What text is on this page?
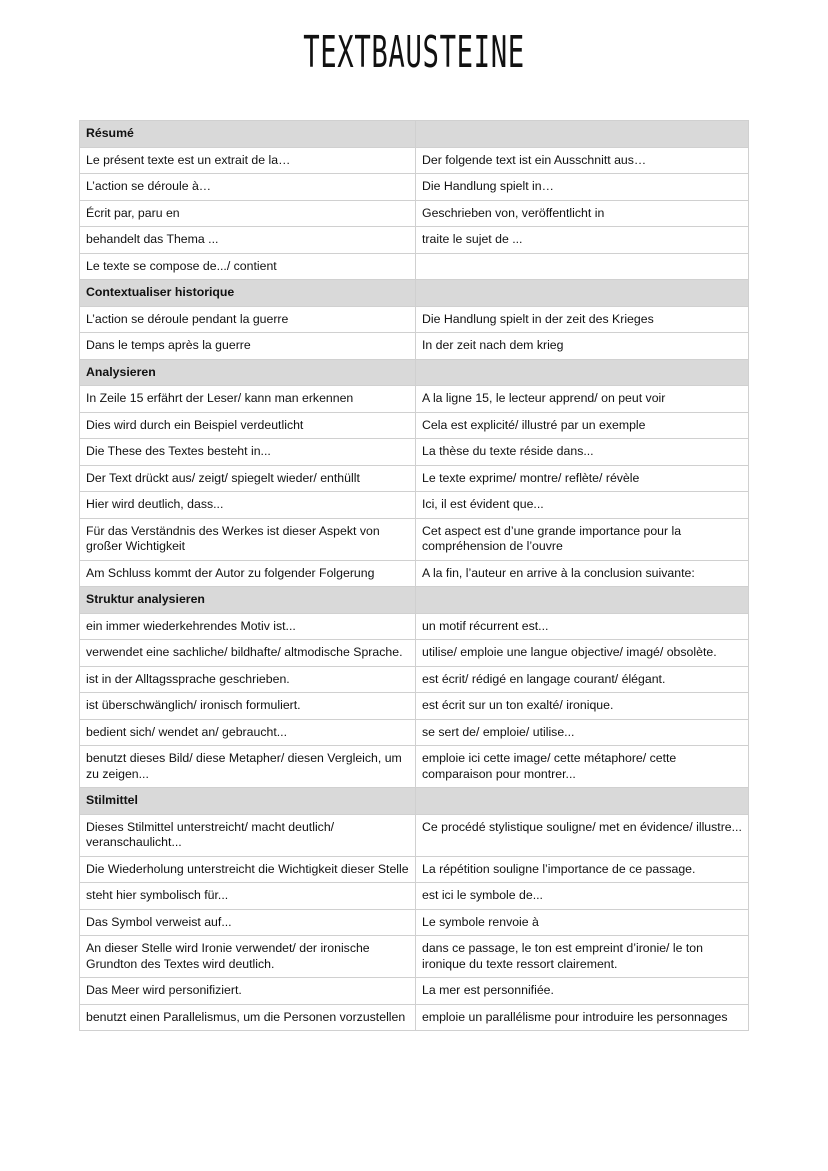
TEXTBAUSTEINE
Résumé	
Le présent texte est un extrait de la…	Der folgende text ist ein Ausschnitt aus…
L’action se déroule à…	Die Handlung spielt in…
Écrit par, paru en	Geschrieben von, veröffentlicht in
behandelt das Thema ...	traite le sujet de ...
Le texte se compose de.../ contient	
Contextualiser historique	
L’action se déroule pendant la guerre	Die Handlung spielt in der zeit des Krieges
Dans le temps après la guerre	In der zeit nach dem krieg
Analysieren	
In Zeile 15 erfährt der Leser/ kann man erkennen	A la ligne 15, le lecteur apprend/ on peut voir
Dies wird durch ein Beispiel verdeutlicht	Cela est explicité/ illustré par un exemple
Die These des Textes besteht in...	La thèse du texte réside dans...
Der Text drückt aus/ zeigt/ spiegelt wieder/ enthüllt	Le texte exprime/ montre/ reflète/ révèle
Hier wird deutlich, dass...	Ici, il est évident que...
Für das Verständnis des Werkes ist dieser Aspekt von großer Wichtigkeit	Cet aspect est d’une grande importance pour la compréhension de l’ouvre
Am Schluss kommt der Autor zu folgender Folgerung	A la fin, l’auteur en arrive à la conclusion suivante:
Struktur analysieren	
ein immer wiederkehrendes Motiv ist...	un motif récurrent est...
verwendet eine sachliche/ bildhafte/ altmodische Sprache.	utilise/ emploie une langue objective/ imagé/ obsolète.
ist in der Alltagssprache geschrieben.	est écrit/ rédigé en langage courant/ élégant.
ist überschwänglich/ ironisch formuliert.	est écrit sur un ton exalté/ ironique.
bedient sich/ wendet an/ gebraucht...	se sert de/ emploie/ utilise...
benutzt dieses Bild/ diese Metapher/ diesen Vergleich, um zu zeigen...	emploie ici cette image/ cette métaphore/ cette comparaison pour montrer...
Stilmittel	
Dieses Stilmittel unterstreicht/ macht deutlich/ veranschaulicht...	Ce procédé stylistique souligne/ met en évidence/ illustre...
Die Wiederholung unterstreicht die Wichtigkeit dieser Stelle	La répétition souligne l’importance de ce passage.
steht hier symbolisch für...	est ici le symbole de...
Das Symbol verweist auf...	Le symbole renvoie à
An dieser Stelle wird Ironie verwendet/ der ironische Grundton des Textes wird deutlich.	dans ce passage, le ton est empreint d’ironie/ le ton ironique du texte ressort clairement.
Das Meer wird personifiziert.	La mer est personnifiée.
benutzt einen Parallelismus, um die Personen vorzustellen	emploie un parallélisme pour introduire les personnages
